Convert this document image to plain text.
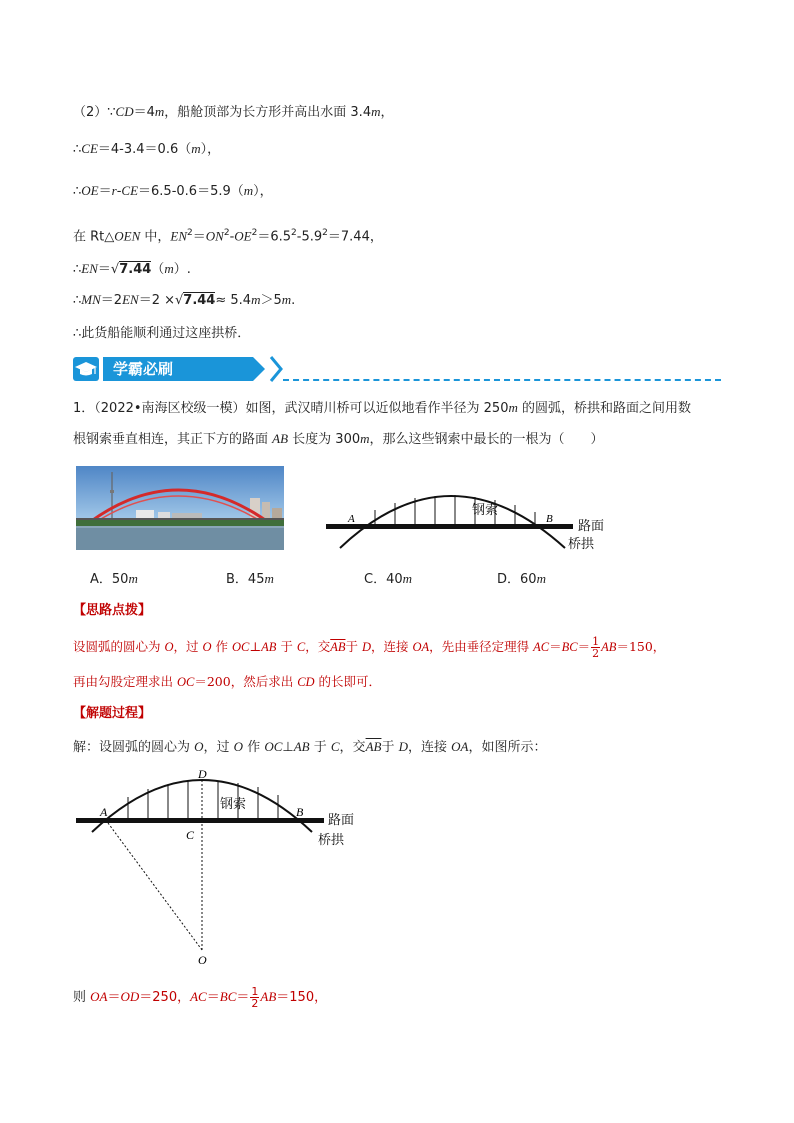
（2）∵CD＝4m，船舱顶部为长方形并高出水面 3.4m，
∴CE＝4-3.4＝0.6（m），
∴OE＝r-CE＝6.5-0.6＝5.9（m），
在 Rt△OEN 中，$EN^2=ON^2-OE^2=6.5^2-5.9^2=7.44$，
∴EN＝√7.44（m）.
∴MN＝2EN＝2 ×√7.44≈ 5.4m＞5m.
∴此货船能顺利通过这座拱桥．
学霸必刷
1．（2022•南海区校级一模）如图，武汉晴川桥可以近似地看作半径为 250m 的圆弧，桥拱和路面之间用数
根钢索垂直相连，其正下方的路面 AB 长度为 300m，那么这些钢索中最长的一根为（　　）
A	B
钢索
路面
桥拱
A．50m	B．45m	C．40m	D．60m
【思路点拨】
设圆弧的圆心为 O，过 O 作 OC⊥AB 于 C，交$\overline{AB}$于 D，连接 OA，先由垂径定理得 $AC=BC= \frac{1}{2} AB=150$，
再由勾股定理求出 OC＝200，然后求出 CD 的长即可．
【解题过程】
解：设圆弧的圆心为 O，过 O 作 OC⊥AB 于 C，交$\overline{AB}$于 D，连接 OA，如图所示：
D
A	B
C
O
钢索
路面
桥拱
则 OA＝OD＝250，$AC=BC= \frac{1}{2} AB=150$，
